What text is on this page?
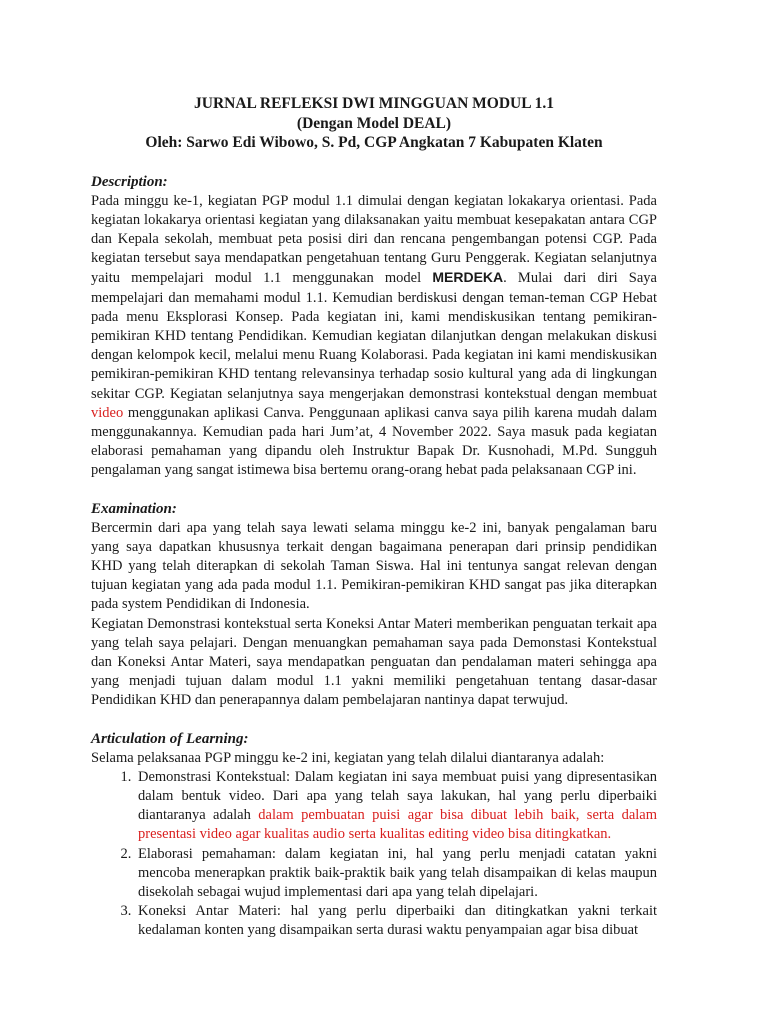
JURNAL REFLEKSI DWI MINGGUAN MODUL 1.1
(Dengan Model DEAL)
Oleh: Sarwo Edi Wibowo, S. Pd, CGP Angkatan 7 Kabupaten Klaten
Description:

Pada minggu ke-1, kegiatan PGP modul 1.1 dimulai dengan kegiatan lokakarya orientasi. Pada kegiatan lokakarya orientasi kegiatan yang dilaksanakan yaitu membuat kesepakatan antara CGP dan Kepala sekolah, membuat peta posisi diri dan rencana pengembangan potensi CGP. Pada kegiatan tersebut saya mendapatkan pengetahuan tentang Guru Penggerak. Kegiatan selanjutnya yaitu mempelajari modul 1.1 menggunakan model MERDEKA. Mulai dari diri Saya mempelajari dan memahami modul 1.1. Kemudian berdiskusi dengan teman-teman CGP Hebat pada menu Eksplorasi Konsep. Pada kegiatan ini, kami mendiskusikan tentang pemikiran-pemikiran KHD tentang Pendidikan. Kemudian kegiatan dilanjutkan dengan melakukan diskusi dengan kelompok kecil, melalui menu Ruang Kolaborasi. Pada kegiatan ini kami mendiskusikan pemikiran-pemikiran KHD tentang relevansinya terhadap sosio kultural yang ada di lingkungan sekitar CGP. Kegiatan selanjutnya saya mengerjakan demonstrasi kontekstual dengan membuat video menggunakan aplikasi Canva. Penggunaan aplikasi canva saya pilih karena mudah dalam menggunakannya. Kemudian pada hari Jum’at, 4 November 2022. Saya masuk pada kegiatan elaborasi pemahaman yang dipandu oleh Instruktur Bapak Dr. Kusnohadi, M.Pd. Sungguh pengalaman yang sangat istimewa bisa bertemu orang-orang hebat pada pelaksanaan CGP ini.

Examination:

Bercermin dari apa yang telah saya lewati selama minggu ke-2 ini, banyak pengalaman baru yang saya dapatkan khususnya terkait dengan bagaimana penerapan dari prinsip pendidikan KHD yang telah diterapkan di sekolah Taman Siswa. Hal ini tentunya sangat relevan dengan tujuan kegiatan yang ada pada modul 1.1. Pemikiran-pemikiran KHD sangat pas jika diterapkan pada system Pendidikan di Indonesia.

Kegiatan Demonstrasi kontekstual serta Koneksi Antar Materi memberikan penguatan terkait apa yang telah saya pelajari. Dengan menuangkan pemahaman saya pada Demonstasi Kontekstual dan Koneksi Antar Materi, saya mendapatkan penguatan dan pendalaman materi sehingga apa yang menjadi tujuan dalam modul 1.1 yakni memiliki pengetahuan tentang dasar-dasar Pendidikan KHD dan penerapannya dalam pembelajaran nantinya dapat terwujud.

Articulation of Learning:

Selama pelaksanaa PGP minggu ke-2 ini, kegiatan yang telah dilalui diantaranya adalah:

1. Demonstrasi Kontekstual: Dalam kegiatan ini saya membuat puisi yang dipresentasikan dalam bentuk video. Dari apa yang telah saya lakukan, hal yang perlu diperbaiki diantaranya adalah dalam pembuatan puisi agar bisa dibuat lebih baik, serta dalam presentasi video agar kualitas audio serta kualitas editing video bisa ditingkatkan.
2. Elaborasi pemahaman: dalam kegiatan ini, hal yang perlu menjadi catatan yakni mencoba menerapkan praktik baik-praktik baik yang telah disampaikan di kelas maupun disekolah sebagai wujud implementasi dari apa yang telah dipelajari.
3. Koneksi Antar Materi: hal yang perlu diperbaiki dan ditingkatkan yakni terkait kedalaman konten yang disampaikan serta durasi waktu penyampaian agar bisa dibuat
